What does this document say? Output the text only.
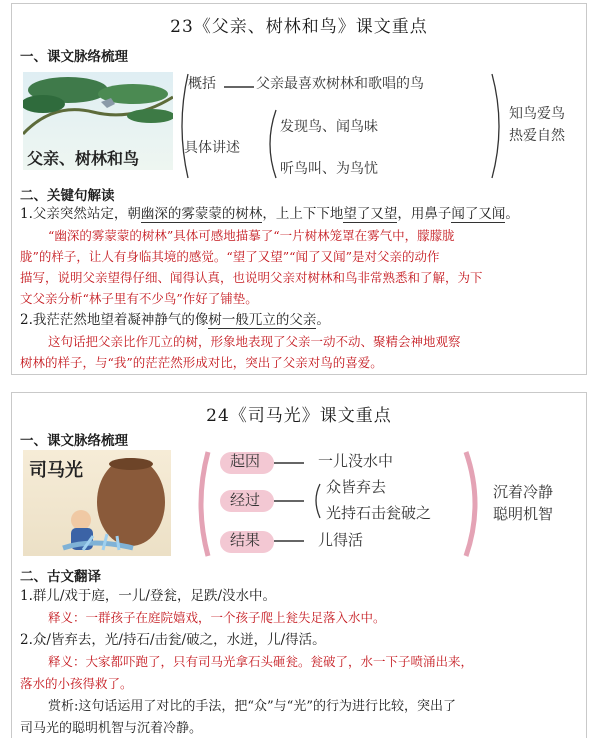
23《父亲、树林和鸟》课文重点
一、课文脉络梳理
父亲、树林和鸟
概括	父亲最喜欢树林和歌唱的鸟
具体讲述
发现鸟、闻鸟味
听鸟叫、为鸟忧
知鸟爱鸟
热爱自然
二、关键句解读
1.父亲突然站定，朝幽深的雾蒙蒙的树林，上上下下地望了又望，用鼻子闻了又闻。
“幽深的雾蒙蒙的树林”具体可感地描摹了“一片树林笼罩在雾气中，朦朦胧
胧”的样子，让人有身临其境的感觉。“望了又望”“闻了又闻”是对父亲的动作
描写，说明父亲望得仔细、闻得认真，也说明父亲对树林和鸟非常熟悉和了解，为下
文父亲分析“林子里有不少鸟”作好了铺垫。
2.我茫茫然地望着凝神静气的像树一般兀立的父亲。
这句话把父亲比作兀立的树，形象地表现了父亲一动不动、聚精会神地观察
树林的样子，与“我”的茫茫然形成对比，突出了父亲对鸟的喜爱。
24《司马光》课文重点
一、课文脉络梳理
司马光	起因	一儿没水中
经过
众皆弃去
光持石击瓮破之
结果	儿得活
沉着冷静
聪明机智
二、古文翻译
1.群儿/戏于庭，一儿/登瓮，足跌/没水中。
释义：一群孩子在庭院嬉戏，一个孩子爬上瓮失足落入水中。
2.众/皆弃去，光/持石/击瓮/破之，水迸，儿/得活。
释义：大家都吓跑了，只有司马光拿石头砸瓮。瓮破了，水一下子喷涌出来，
落水的小孩得救了。
赏析:这句话运用了对比的手法，把“众”与“光”的行为进行比较，突出了
司马光的聪明机智与沉着冷静。
